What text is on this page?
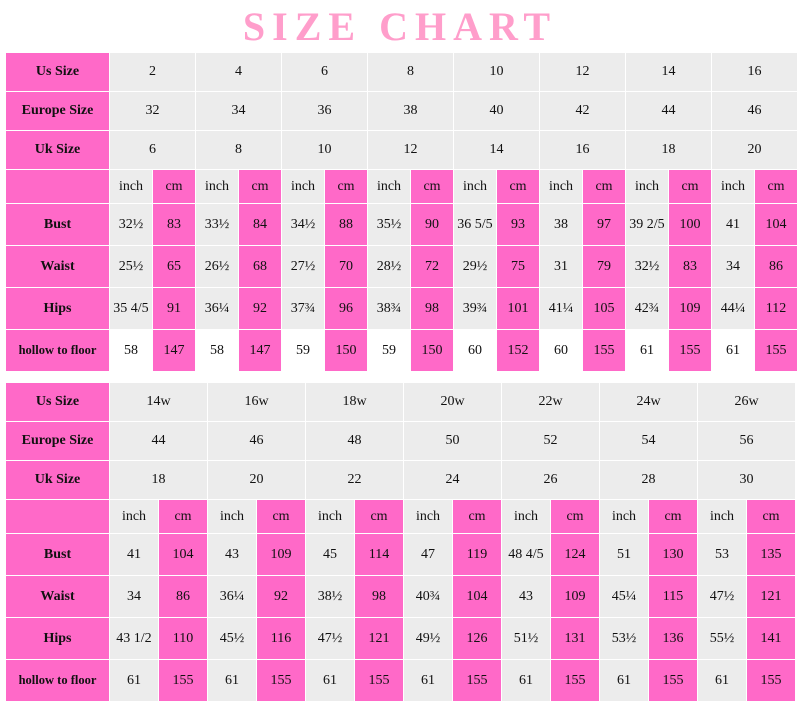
SIZE CHART
Us Size	2		4		6		8		10		12		14		16	
Europe Size	32		34		36		38		40		42		44		46	
Uk Size	6		8		10		12		14		16		18		20	
	inch	cm	inch	cm	inch	cm	inch	cm	inch	cm	inch	cm	inch	cm	inch	cm
Bust	32½	83	33½	84	34½	88	35½	90	36 5/5	93	38	97	39 2/5	100	41	104
Waist	25½	65	26½	68	27½	70	28½	72	29½	75	31	79	32½	83	34	86
Hips	35 4/5	91	36¼	92	37¾	96	38¾	98	39¾	101	41¼	105	42¾	109	44¼	112
hollow to floor	58	147	58	147	59	150	59	150	60	152	60	155	61	155	61	155
Us Size	14w		16w		18w		20w		22w		24w		26w	
Europe Size	44		46		48		50		52		54		56	
Uk Size	18		20		22		24		26		28		30	
	inch	cm	inch	cm	inch	cm	inch	cm	inch	cm	inch	cm	inch	cm
Bust	41	104	43	109	45	114	47	119	48 4/5	124	51	130	53	135
Waist	34	86	36¼	92	38½	98	40¾	104	43	109	45¼	115	47½	121
Hips	43 1/2	110	45½	116	47½	121	49½	126	51½	131	53½	136	55½	141
hollow to floor	61	155	61	155	61	155	61	155	61	155	61	155	61	155
